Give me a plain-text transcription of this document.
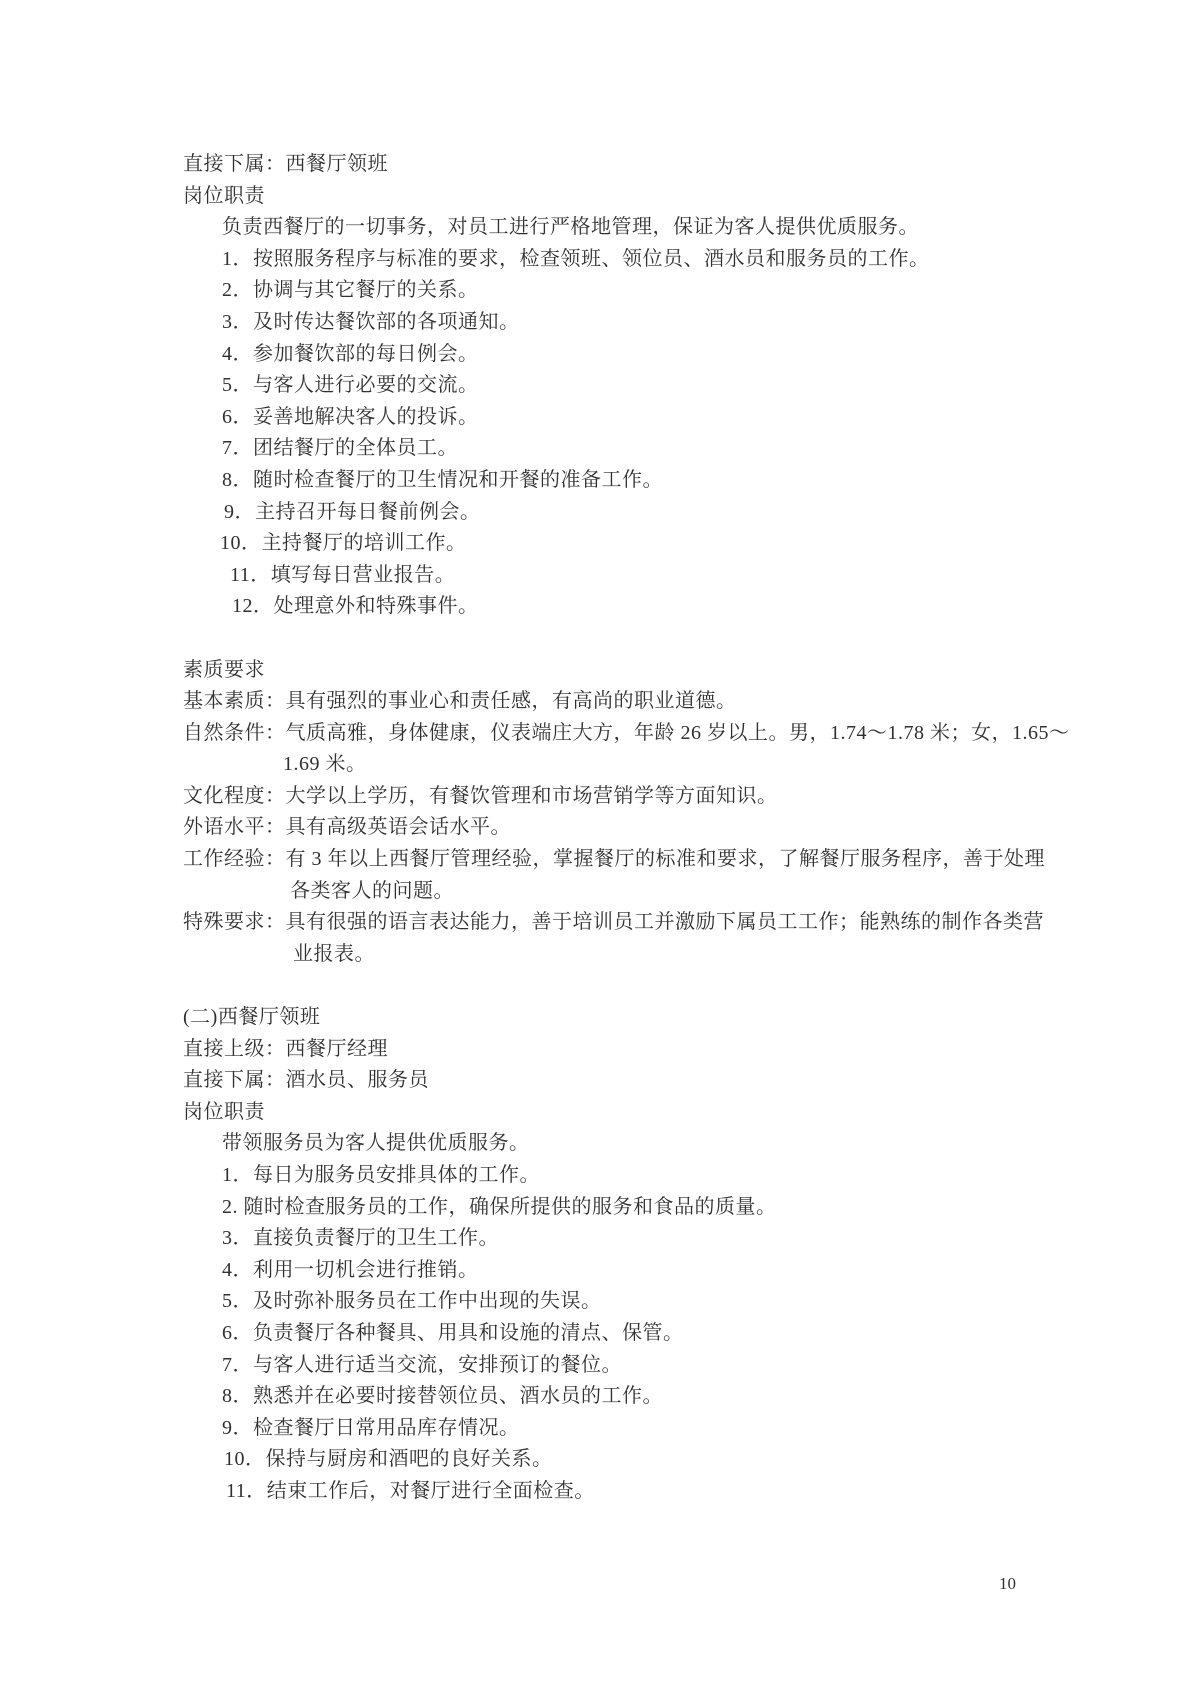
直接下属：西餐厅领班
岗位职责
负责西餐厅的一切事务，对员工进行严格地管理，保证为客人提供优质服务。
1．按照服务程序与标准的要求，检查领班、领位员、酒水员和服务员的工作。
2．协调与其它餐厅的关系。
3．及时传达餐饮部的各项通知。
4．参加餐饮部的每日例会。
5．与客人进行必要的交流。
6．妥善地解决客人的投诉。
7．团结餐厅的全体员工。
8．随时检查餐厅的卫生情况和开餐的准备工作。
9．主持召开每日餐前例会。
10．主持餐厅的培训工作。
11．填写每日营业报告。
12．处理意外和特殊事件。
素质要求
基本素质：具有强烈的事业心和责任感，有高尚的职业道德。
自然条件：气质高雅，身体健康，仪表端庄大方，年龄 26 岁以上。男，1.74～1.78 米；女，1.65～
1.69 米。
文化程度：大学以上学历，有餐饮管理和市场营销学等方面知识。
外语水平：具有高级英语会话水平。
工作经验：有 3 年以上西餐厅管理经验，掌握餐厅的标准和要求，了解餐厅服务程序，善于处理
各类客人的问题。
特殊要求：具有很强的语言表达能力，善于培训员工并激励下属员工工作；能熟练的制作各类营
业报表。
(二)西餐厅领班
直接上级：西餐厅经理
直接下属：酒水员、服务员
岗位职责
带领服务员为客人提供优质服务。
1．每日为服务员安排具体的工作。
2. 随时检查服务员的工作，确保所提供的服务和食品的质量。
3．直接负责餐厅的卫生工作。
4．利用一切机会进行推销。
5．及时弥补服务员在工作中出现的失误。
6．负责餐厅各种餐具、用具和设施的清点、保管。
7．与客人进行适当交流，安排预订的餐位。
8．熟悉并在必要时接替领位员、酒水员的工作。
9．检查餐厅日常用品库存情况。
10．保持与厨房和酒吧的良好关系。
11．结束工作后，对餐厅进行全面检查。
10
